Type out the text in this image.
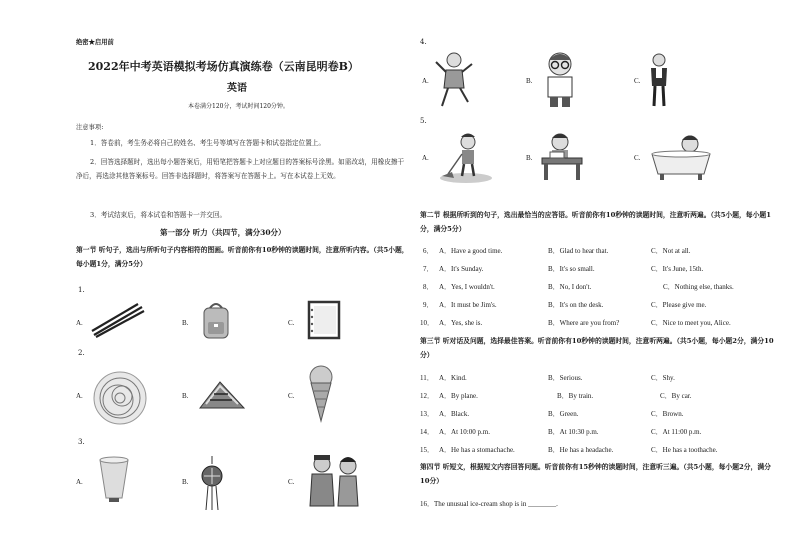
绝密★启用前
2022年中考英语模拟考场仿真演练卷（云南昆明卷B）
英语
本卷满分120分，考试时间120分钟。
注意事项:
1．答卷前，考生务必将自己的姓名、考生号等填写在答题卡和试卷指定位置上。
2．回答选择题时，选出每小题答案后，用铅笔把答题卡上对应题目的答案标号涂黑。如需改动，用橡皮擦干净后，再选涂其他答案标号。回答非选择题时，将答案写在答题卡上。写在本试卷上无效。
3．考试结束后，将本试卷和答题卡一并交回。
第一部分 听力（共四节，满分30分）
第一节 听句子，选出与所听句子内容相符的图画。听音前你有10秒钟的读题时间，注意所听内容。（共5小题，每小题1分，满分5分）
1.
A.	B.	C.
2.
A.	B.	C.
3.
A.	B.	C.
4.
A.	B.	C.
5.
A.	B.	C.
第二节 根据所听到的句子，选出最恰当的应答语。听音前你有10秒钟的读题时间，注意听两遍。（共5小题，每小题1分，满分5分）
6． A．Have a good time.	B．Glad to hear that.	C．Not at all.
7． A．It's Sunday.	B．It's so small.	C．It's June, 15th.
8． A．Yes, I wouldn't.	B．No, I don't.	C．Nothing else, thanks.
9． A．It must be Jim's.	B．It's on the desk.	C．Please give me.
10． A．Yes, she is.	B．Where are you from?	C．Nice to meet you, Alice.
第三节 听对话及问题，选择最佳答案。听音前你有10秒钟的读题时间，注意听两遍。（共5小题，每小题2分，满分10分）
11． A．Kind.	B．Serious.	C．Shy.
12． A．By plane.	B．By train.	C．By car.
13． A．Black.	B．Green.	C．Brown.
14． A．At 10:00 p.m.	B．At 10:30 p.m.	C．At 11:00 p.m.
15． A．He has a stomachache.	B．He has a headache.	C．He has a toothache.
第四节 听短文，根据短文内容回答问题。听音前你有15秒钟的读题时间，注意听三遍。（共5小题，每小题2分，满分10分）
16．The unusual ice-cream shop is in ________.
